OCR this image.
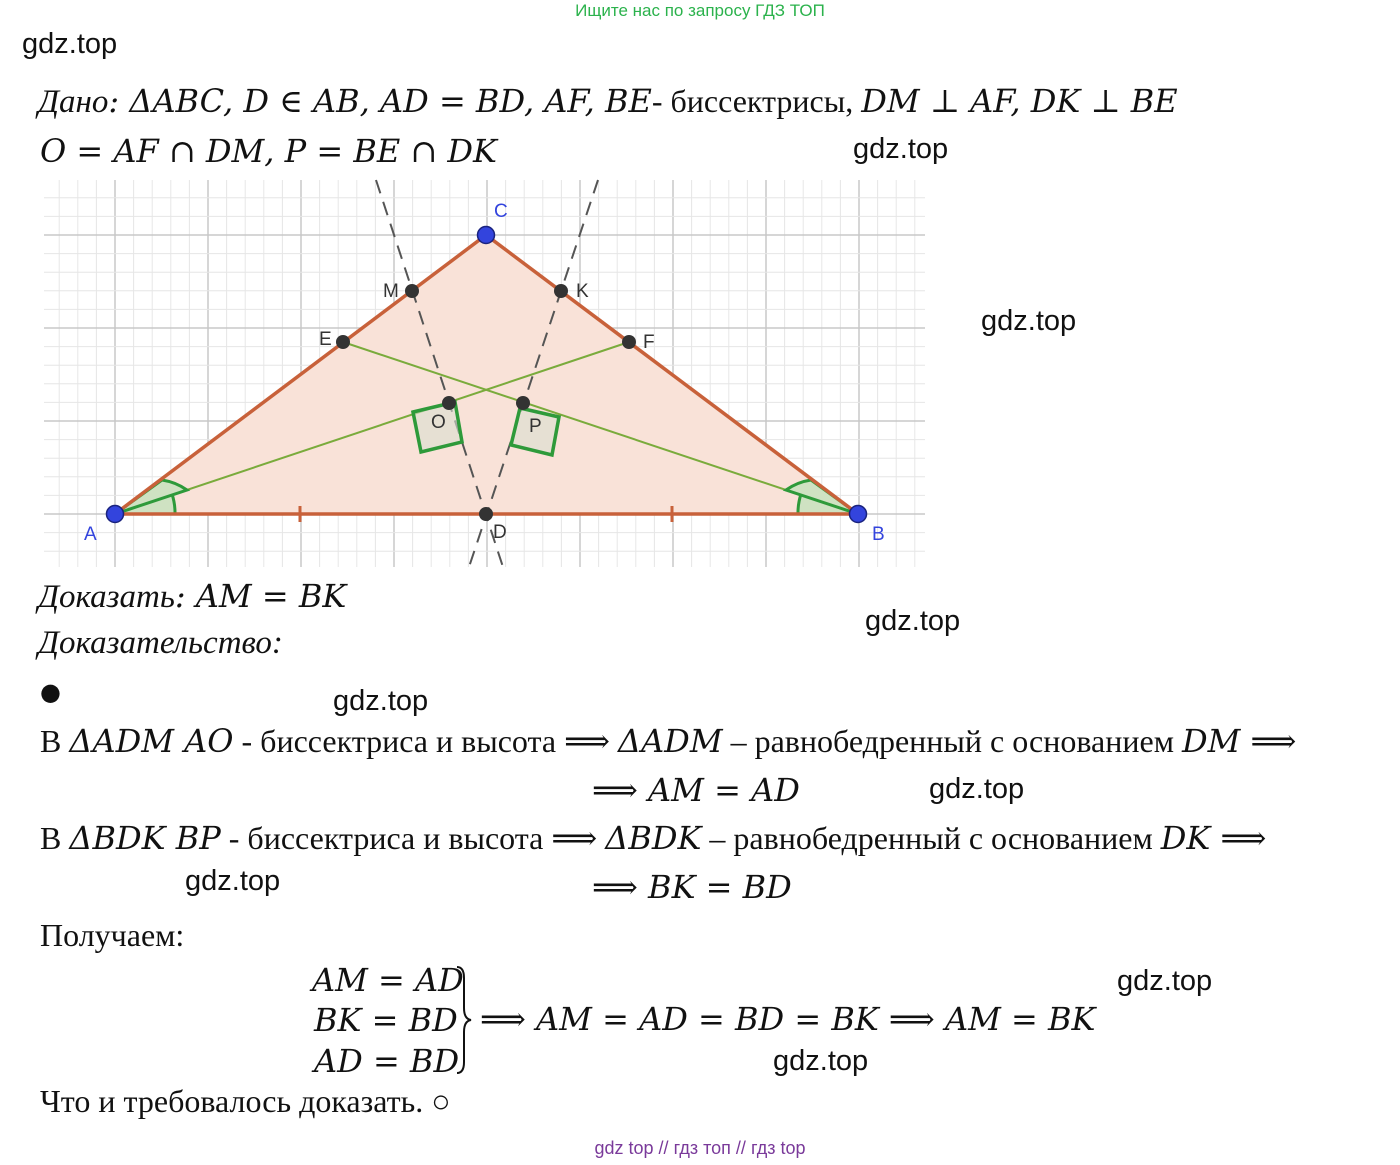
Ищите нас по запросу ГДЗ ТОП
gdz.top
Дано: ΔABC, D ∈ AB, AD = BD, AF, BE- биссектрисы, DM ⊥ AF, DK ⊥ BE
O = AF ∩ DM, P = BE ∩ DK	gdz.top
gdz.top
gdz.top
gdz.top
gdz.top
gdz.top
gdz.top
gdz.top
A	B
C
D
E	F
M	K
O	P
Доказать: AM = BK
Доказательство:
●
В ΔADM AO - биссектриса и высота ⟹ ΔADM – равнобедренный с основанием DM ⟹
⟹ AM = AD
В ΔBDK BP - биссектриса и высота ⟹ ΔBDK – равнобедренный с основанием DK ⟹
⟹ BK = BD
Получаем:
AM = AD
BK = BD
AD = BD
⟹ AM = AD = BD = BK ⟹ AM = BK
Что и требовалось доказать. ○
gdz top // гдз топ // гдз top
